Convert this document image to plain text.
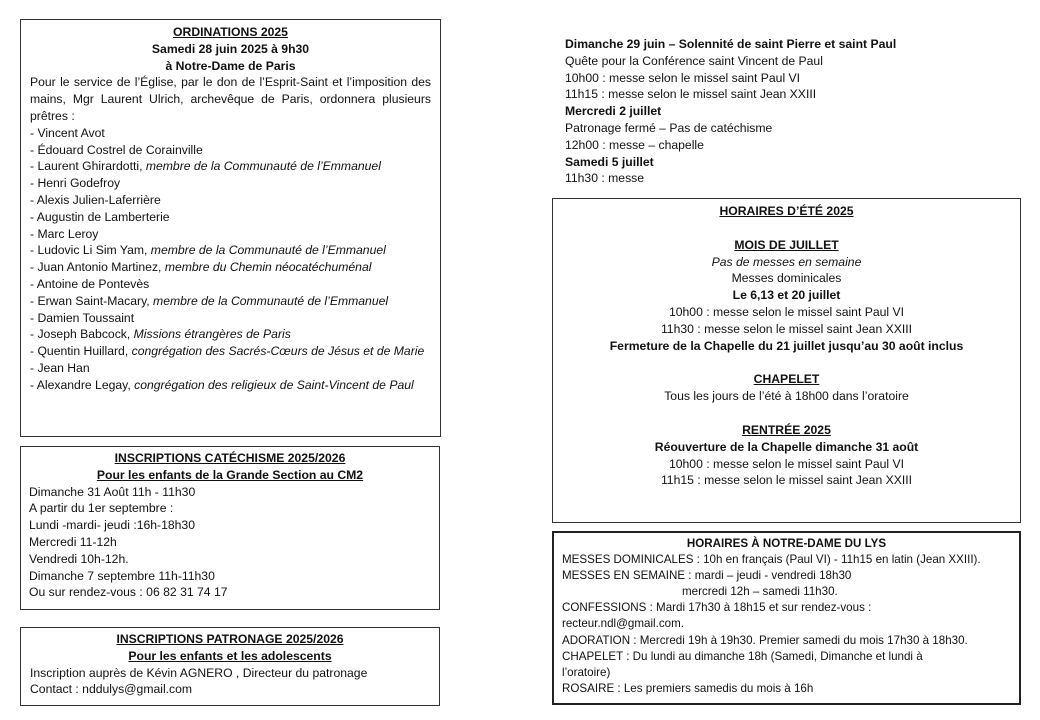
ORDINATIONS 2025
Samedi 28 juin 2025 à 9h30
à Notre-Dame de Paris
Pour le service de l’Église, par le don de l’Esprit-Saint et l’imposition des mains, Mgr Laurent Ulrich, archevêque de Paris, ordonnera plusieurs prêtres :
- Vincent Avot
- Édouard Costrel de Corainville
- Laurent Ghirardotti, membre de la Communauté de l’Emmanuel
- Henri Godefroy
- Alexis Julien-Laferrière
- Augustin de Lamberterie
- Marc Leroy
- Ludovic Li Sim Yam, membre de la Communauté de l’Emmanuel
- Juan Antonio Martinez, membre du Chemin néocatéchuménal
- Antoine de Pontevès
- Erwan Saint-Macary, membre de la Communauté de l’Emmanuel
- Damien Toussaint
- Joseph Babcock, Missions étrangères de Paris
- Quentin Huillard, congrégation des Sacrés-Cœurs de Jésus et de Marie
- Jean Han
- Alexandre Legay, congrégation des religieux de Saint-Vincent de Paul
INSCRIPTIONS CATÉCHISME 2025/2026
Pour les enfants de la Grande Section au CM2
Dimanche 31 Août 11h - 11h30
A partir du 1er septembre :
Lundi -mardi- jeudi :16h-18h30
Mercredi 11-12h
Vendredi 10h-12h.
Dimanche 7 septembre 11h-11h30
Ou sur rendez-vous : 06 82 31 74 17
INSCRIPTIONS PATRONAGE 2025/2026
Pour les enfants et les adolescents
Inscription auprès de Kévin AGNERO , Directeur du patronage
Contact : nddulys@gmail.com
Dimanche 29 juin – Solennité de saint Pierre et saint Paul
Quête pour la Conférence saint Vincent de Paul
10h00 : messe selon le missel saint Paul VI
11h15 : messe selon le missel saint Jean XXIII
Mercredi 2 juillet
Patronage fermé – Pas de catéchisme
12h00 : messe – chapelle
Samedi 5 juillet
11h30 : messe
HORAIRES D’ÉTÉ 2025
MOIS DE JUILLET
Pas de messes en semaine
Messes dominicales
Le 6,13 et 20 juillet
10h00 : messe selon le missel saint Paul VI
11h30 : messe selon le missel saint Jean XXIII
Fermeture de la Chapelle du 21 juillet jusqu’au 30 août inclus
CHAPELET
Tous les jours de l’été à 18h00 dans l’oratoire
RENTRÉE 2025
Réouverture de la Chapelle dimanche 31 août
10h00 : messe selon le missel saint Paul VI
11h15 : messe selon le missel saint Jean XXIII
HORAIRES À NOTRE-DAME DU LYS
MESSES DOMINICALES : 10h en français (Paul VI) - 11h15 en latin (Jean XXIII).
MESSES EN SEMAINE : mardi – jeudi - vendredi 18h30
mercredi 12h – samedi 11h30.
CONFESSIONS : Mardi 17h30 à 18h15 et sur rendez-vous :
recteur.ndl@gmail.com.
ADORATION : Mercredi 19h à 19h30. Premier samedi du mois 17h30 à 18h30.
CHAPELET : Du lundi au dimanche 18h (Samedi, Dimanche et lundi à
l’oratoire)
ROSAIRE : Les premiers samedis du mois à 16h
